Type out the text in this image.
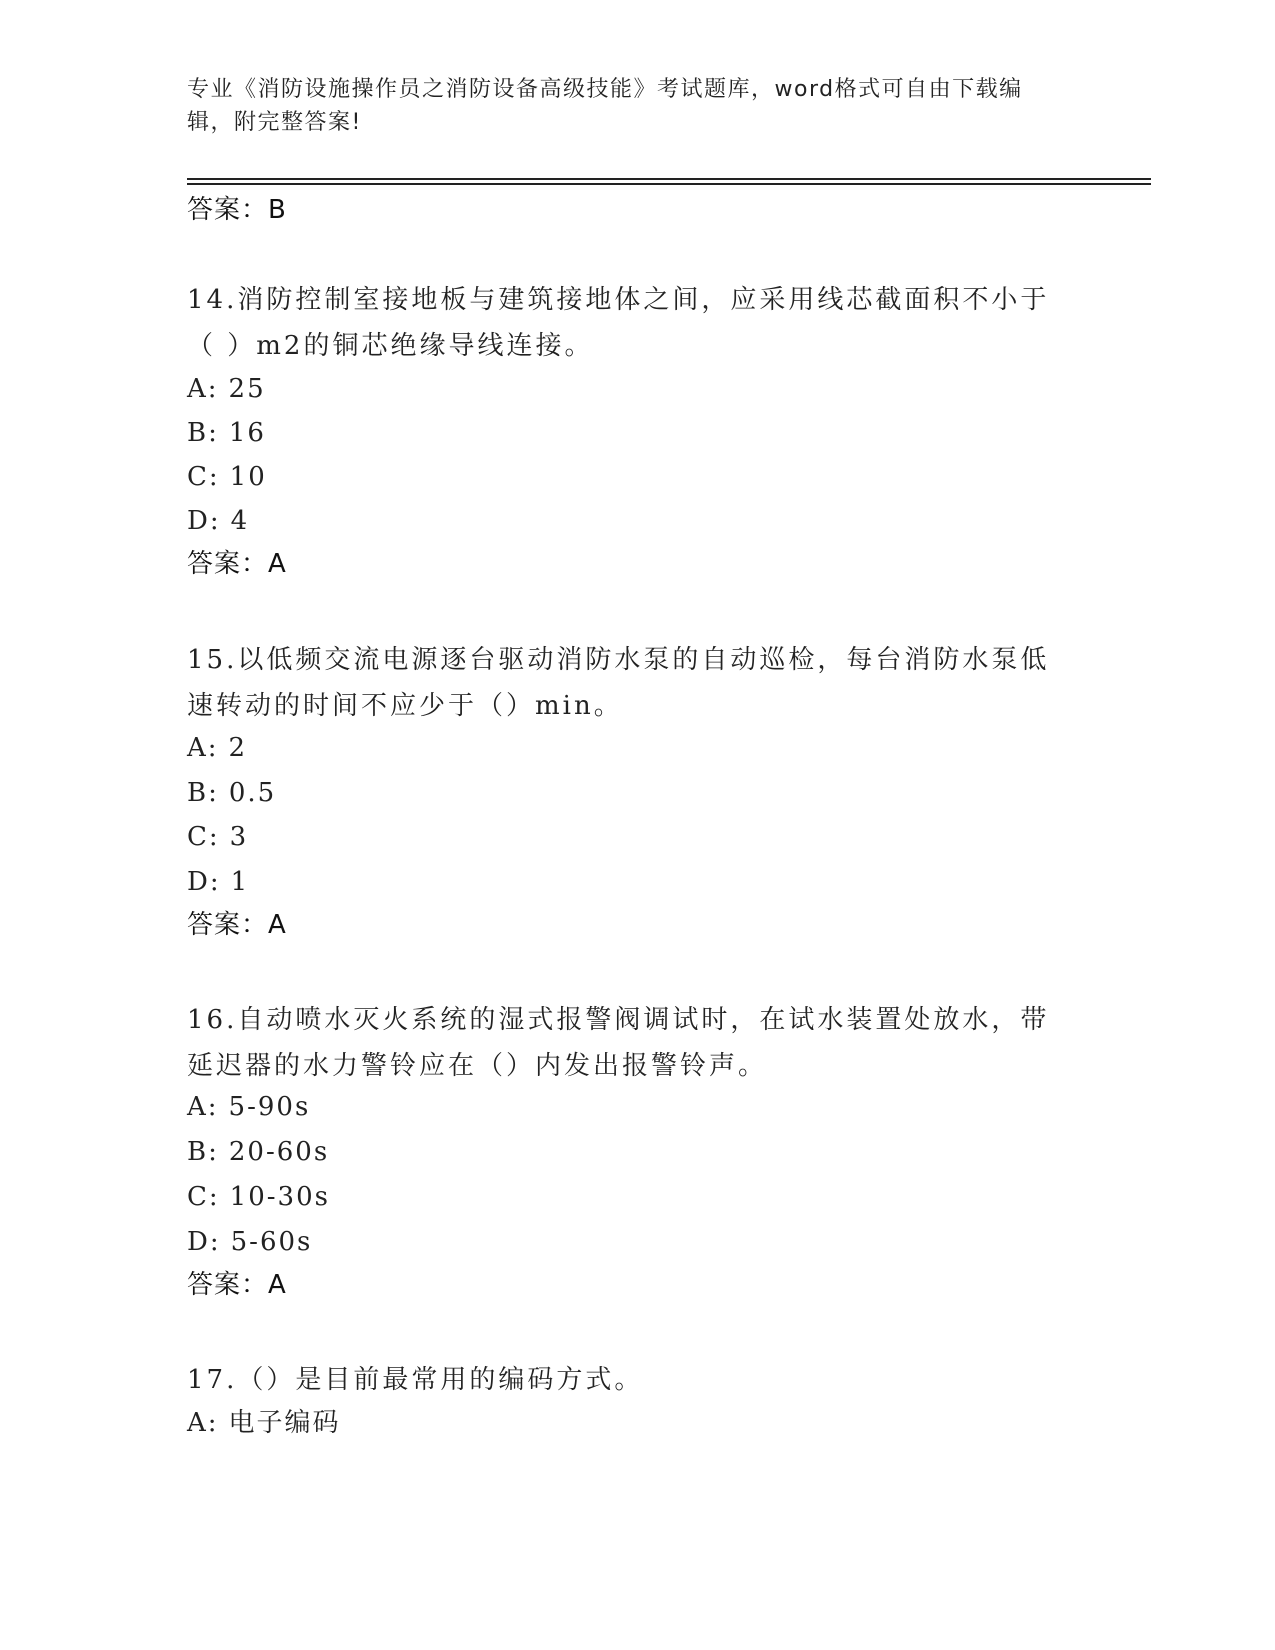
专业《消防设施操作员之消防设备高级技能》考试题库，word格式可自由下载编辑，附完整答案!
答案：B
14.消防控制室接地板与建筑接地体之间，应采用线芯截面积不小于（ ）m2的铜芯绝缘导线连接。
A: 25
B: 16
C: 10
D: 4
答案：A
15.以低频交流电源逐台驱动消防水泵的自动巡检，每台消防水泵低速转动的时间不应少于（）min。
A: 2
B: 0.5
C: 3
D: 1
答案：A
16.自动喷水灭火系统的湿式报警阀调试时，在试水装置处放水，带延迟器的水力警铃应在（）内发出报警铃声。
A: 5-90s
B: 20-60s
C: 10-30s
D: 5-60s
答案：A
17.（）是目前最常用的编码方式。
A: 电子编码
